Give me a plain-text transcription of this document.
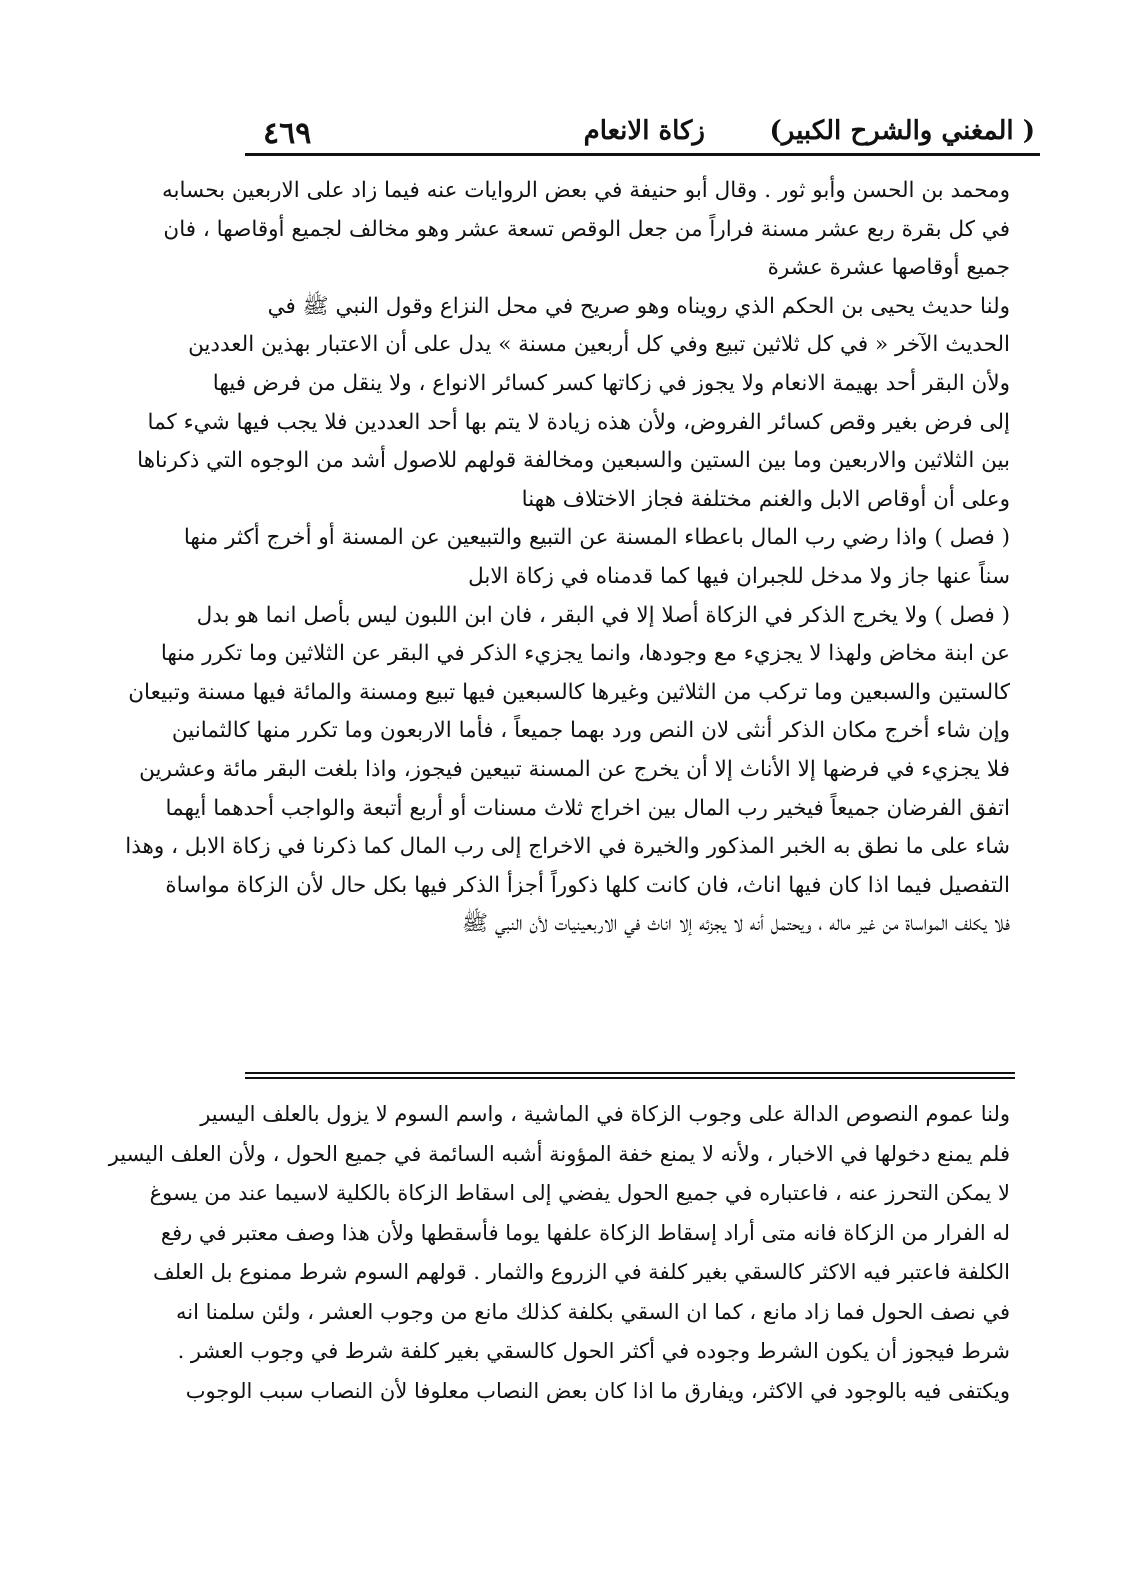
( المغني والشرح الكبير)
زكاة الانعام
٤٦٩
ومحمد بن الحسن وأبو ثور . وقال أبو حنيفة في بعض الروايات عنه فيما زاد على الاربعين بحسابه
في كل بقرة ربع عشر مسنة فراراً من جعل الوقص تسعة عشر وهو مخالف لجميع أوقاصها ، فان
جميع أوقاصها عشرة عشرة
ولنا حديث يحيى بن الحكم الذي رويناه وهو صريح في محل النزاع وقول النبي ﷺ في
الحديث الآخر « في كل ثلاثين تبيع وفي كل أربعين مسنة » يدل على أن الاعتبار بهذين العددين
ولأن البقر أحد بهيمة الانعام ولا يجوز في زكاتها كسر كسائر الانواع ، ولا ينقل من فرض فيها
إلى فرض بغير وقص كسائر الفروض، ولأن هذه زيادة لا يتم بها أحد العددين فلا يجب فيها شيء كما
بين الثلاثين والاربعين وما بين الستين والسبعين ومخالفة قولهم للاصول أشد من الوجوه التي ذكرناها
وعلى أن أوقاص الابل والغنم مختلفة فجاز الاختلاف ههنا
( فصل ) واذا رضي رب المال باعطاء المسنة عن التبيع والتبيعين عن المسنة أو أخرج أكثر منها
سناً عنها جاز ولا مدخل للجبران فيها كما قدمناه في زكاة الابل
( فصل ) ولا يخرج الذكر في الزكاة أصلا إلا في البقر ، فان ابن اللبون ليس بأصل انما هو بدل
عن ابنة مخاض ولهذا لا يجزيء مع وجودها، وانما يجزيء الذكر في البقر عن الثلاثين وما تكرر منها
كالستين والسبعين وما تركب من الثلاثين وغيرها كالسبعين فيها تبيع ومسنة والمائة فيها مسنة وتبيعان
وإن شاء أخرج مكان الذكر أنثى لان النص ورد بهما جميعاً ، فأما الاربعون وما تكرر منها كالثمانين
فلا يجزيء في فرضها إلا الأناث إلا أن يخرج عن المسنة تبيعين فيجوز، واذا بلغت البقر مائة وعشرين
اتفق الفرضان جميعاً فيخير رب المال بين اخراج ثلاث مسنات أو أربع أتبعة والواجب أحدهما أيهما
شاء على ما نطق به الخبر المذكور والخيرة في الاخراج إلى رب المال كما ذكرنا في زكاة الابل ، وهذا
التفصيل فيما اذا كان فيها اناث، فان كانت كلها ذكوراً أجزأ الذكر فيها بكل حال لأن الزكاة مواساة
فلا يكلف المواساة من غير ماله ، ويحتمل أنه لا يجزئه إلا اناث في الاربعينيات لأن النبي ﷺ
ولنا عموم النصوص الدالة على وجوب الزكاة في الماشية ، واسم السوم لا يزول بالعلف اليسير
فلم يمنع دخولها في الاخبار ، ولأنه لا يمنع خفة المؤونة أشبه السائمة في جميع الحول ، ولأن العلف اليسير
لا يمكن التحرز عنه ، فاعتباره في جميع الحول يفضي إلى اسقاط الزكاة بالكلية لاسيما عند من يسوغ
له الفرار من الزكاة فانه متى أراد إسقاط الزكاة علفها يوما فأسقطها ولأن هذا وصف معتبر في رفع
الكلفة فاعتبر فيه الاكثر كالسقي بغير كلفة في الزروع والثمار . قولهم السوم شرط ممنوع بل العلف
في نصف الحول فما زاد مانع ، كما ان السقي بكلفة كذلك مانع من وجوب العشر ، ولئن سلمنا انه
شرط فيجوز أن يكون الشرط وجوده في أكثر الحول كالسقي بغير كلفة شرط في وجوب العشر .
ويكتفى فيه بالوجود في الاكثر، ويفارق ما اذا كان بعض النصاب معلوفا لأن النصاب سبب الوجوب
